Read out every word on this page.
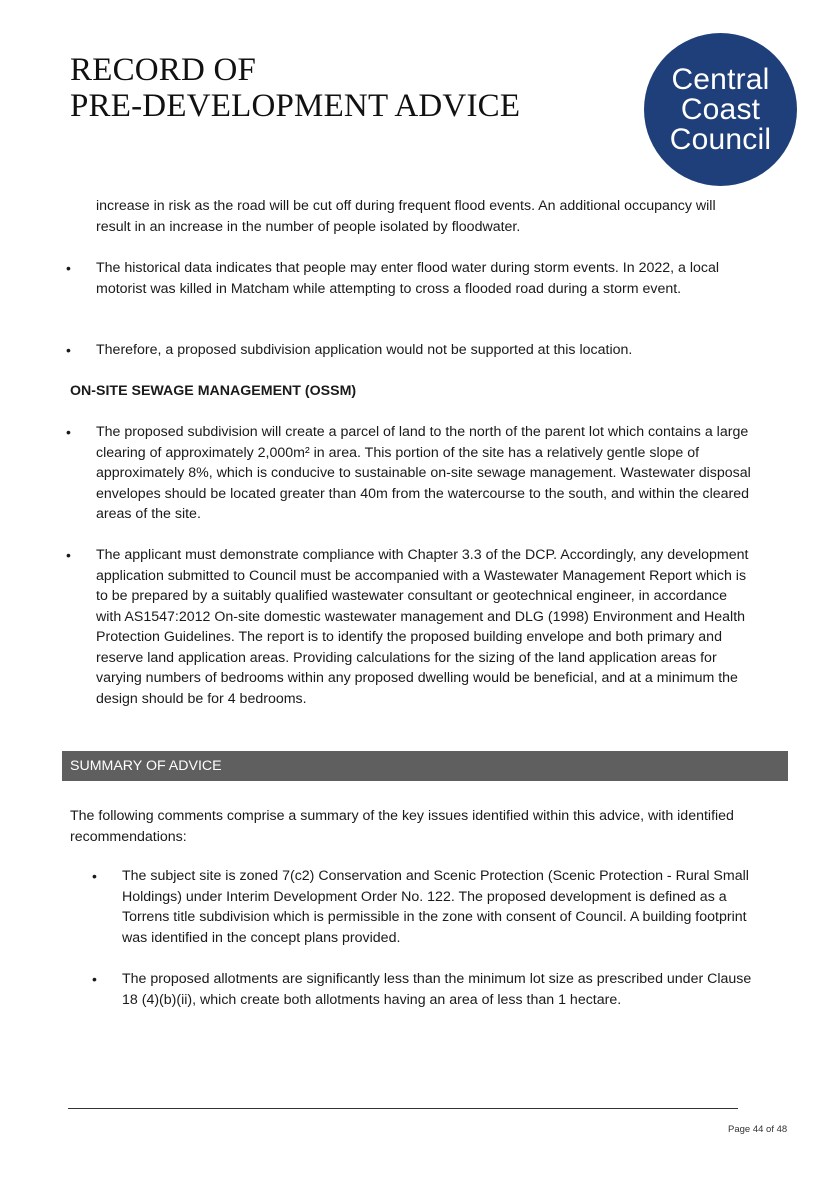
RECORD OF
PRE-DEVELOPMENT ADVICE
Central
Coast
Council

increase in risk as the road will be cut off during frequent flood events. An additional occupancy will result in an increase in the number of people isolated by floodwater.

•	The historical data indicates that people may enter flood water during storm events. In 2022, a local motorist was killed in Matcham while attempting to cross a flooded road during a storm event.

•	Therefore, a proposed subdivision application would not be supported at this location.

ON-SITE SEWAGE MANAGEMENT (OSSM)
•	The proposed subdivision will create a parcel of land to the north of the parent lot which contains a large clearing of approximately 2,000m² in area. This portion of the site has a relatively gentle slope of approximately 8%, which is conducive to sustainable on-site sewage management. Wastewater disposal envelopes should be located greater than 40m from the watercourse to the south, and within the cleared areas of the site.

•	The applicant must demonstrate compliance with Chapter 3.3 of the DCP. Accordingly, any development application submitted to Council must be accompanied with a Wastewater Management Report which is to be prepared by a suitably qualified wastewater consultant or geotechnical engineer, in accordance with AS1547:2012 On-site domestic wastewater management and DLG (1998) Environment and Health Protection Guidelines. The report is to identify the proposed building envelope and both primary and reserve land application areas. Providing calculations for the sizing of the land application areas for varying numbers of bedrooms within any proposed dwelling would be beneficial, and at a minimum the design should be for 4 bedrooms.

SUMMARY OF ADVICE

The following comments comprise a summary of the key issues identified within this advice, with identified recommendations:

•	The subject site is zoned 7(c2) Conservation and Scenic Protection (Scenic Protection - Rural Small Holdings) under Interim Development Order No. 122. The proposed development is defined as a Torrens title subdivision which is permissible in the zone with consent of Council. A building footprint was identified in the concept plans provided.

•	The proposed allotments are significantly less than the minimum lot size as prescribed under Clause 18 (4)(b)(ii), which create both allotments having an area of less than 1 hectare.

Page 44 of 48
